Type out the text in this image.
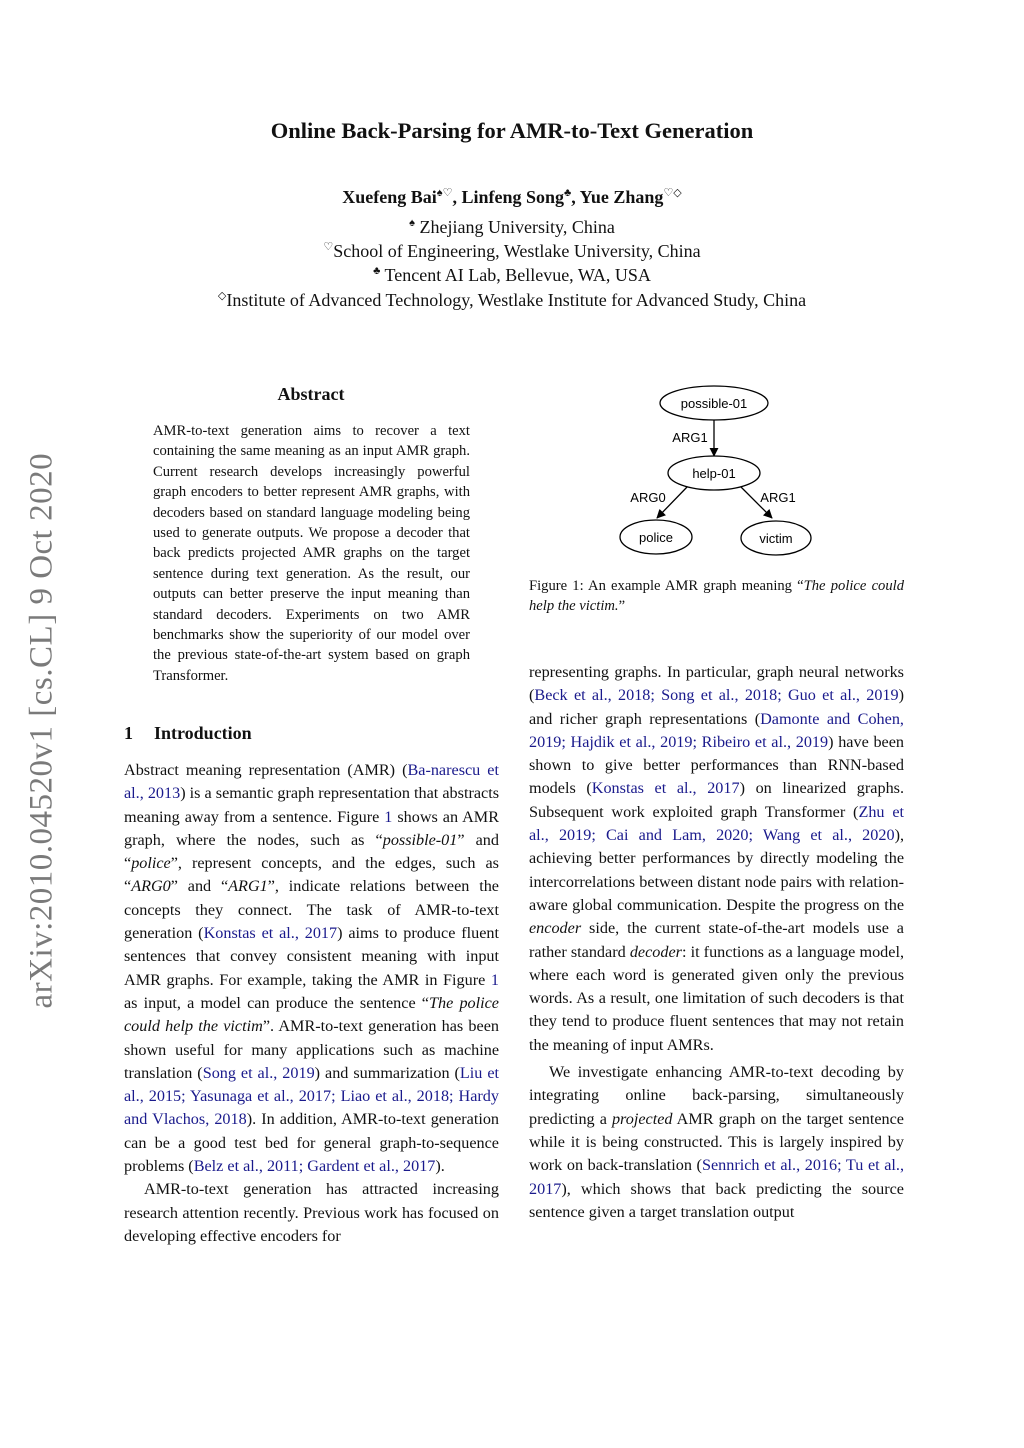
Online Back-Parsing for AMR-to-Text Generation
Xuefeng Bai♠♡, Linfeng Song♣, Yue Zhang♡◇
♠ Zhejiang University, China
♡School of Engineering, Westlake University, China
♣ Tencent AI Lab, Bellevue, WA, USA
◇Institute of Advanced Technology, Westlake Institute for Advanced Study, China
arXiv:2010.04520v1 [cs.CL] 9 Oct 2020
Abstract
AMR-to-text generation aims to recover a text containing the same meaning as an input AMR graph. Current research develops increasingly powerful graph encoders to better represent AMR graphs, with decoders based on standard language modeling being used to generate outputs. We propose a decoder that back predicts projected AMR graphs on the target sentence during text generation. As the result, our outputs can better preserve the input meaning than standard decoders. Experiments on two AMR benchmarks show the superiority of our model over the previous state-of-the-art system based on graph Transformer.
1 Introduction

Abstract meaning representation (AMR) (Ba-narescu et al., 2013) is a semantic graph representation that abstracts meaning away from a sentence. Figure 1 shows an AMR graph, where the nodes, such as “possible-01” and “police”, represent concepts, and the edges, such as “ARG0” and “ARG1”, indicate relations between the concepts they connect. The task of AMR-to-text generation (Konstas et al., 2017) aims to produce fluent sentences that convey consistent meaning with input AMR graphs. For example, taking the AMR in Figure 1 as input, a model can produce the sentence “The police could help the victim”. AMR-to-text generation has been shown useful for many applications such as machine translation (Song et al., 2019) and summarization (Liu et al., 2015; Yasunaga et al., 2017; Liao et al., 2018; Hardy and Vlachos, 2018). In addition, AMR-to-text generation can be a good test bed for general graph-to-sequence problems (Belz et al., 2011; Gardent et al., 2017).

AMR-to-text generation has attracted increasing research attention recently. Previous work has focused on developing effective encoders for

possible-01
help-01
police	victim
ARG1
ARG0	ARG1
Figure 1: An example AMR graph meaning “The police could help the victim.”

representing graphs. In particular, graph neural networks (Beck et al., 2018; Song et al., 2018; Guo et al., 2019) and richer graph representations (Damonte and Cohen, 2019; Hajdik et al., 2019; Ribeiro et al., 2019) have been shown to give better performances than RNN-based models (Konstas et al., 2017) on linearized graphs. Subsequent work exploited graph Transformer (Zhu et al., 2019; Cai and Lam, 2020; Wang et al., 2020), achieving better performances by directly modeling the intercorrelations between distant node pairs with relation-aware global communication. Despite the progress on the encoder side, the current state-of-the-art models use a rather standard decoder: it functions as a language model, where each word is generated given only the previous words. As a result, one limitation of such decoders is that they tend to produce fluent sentences that may not retain the meaning of input AMRs.

We investigate enhancing AMR-to-text decoding by integrating online back-parsing, simultaneously predicting a projected AMR graph on the target sentence while it is being constructed. This is largely inspired by work on back-translation (Sennrich et al., 2016; Tu et al., 2017), which shows that back predicting the source sentence given a target translation output
